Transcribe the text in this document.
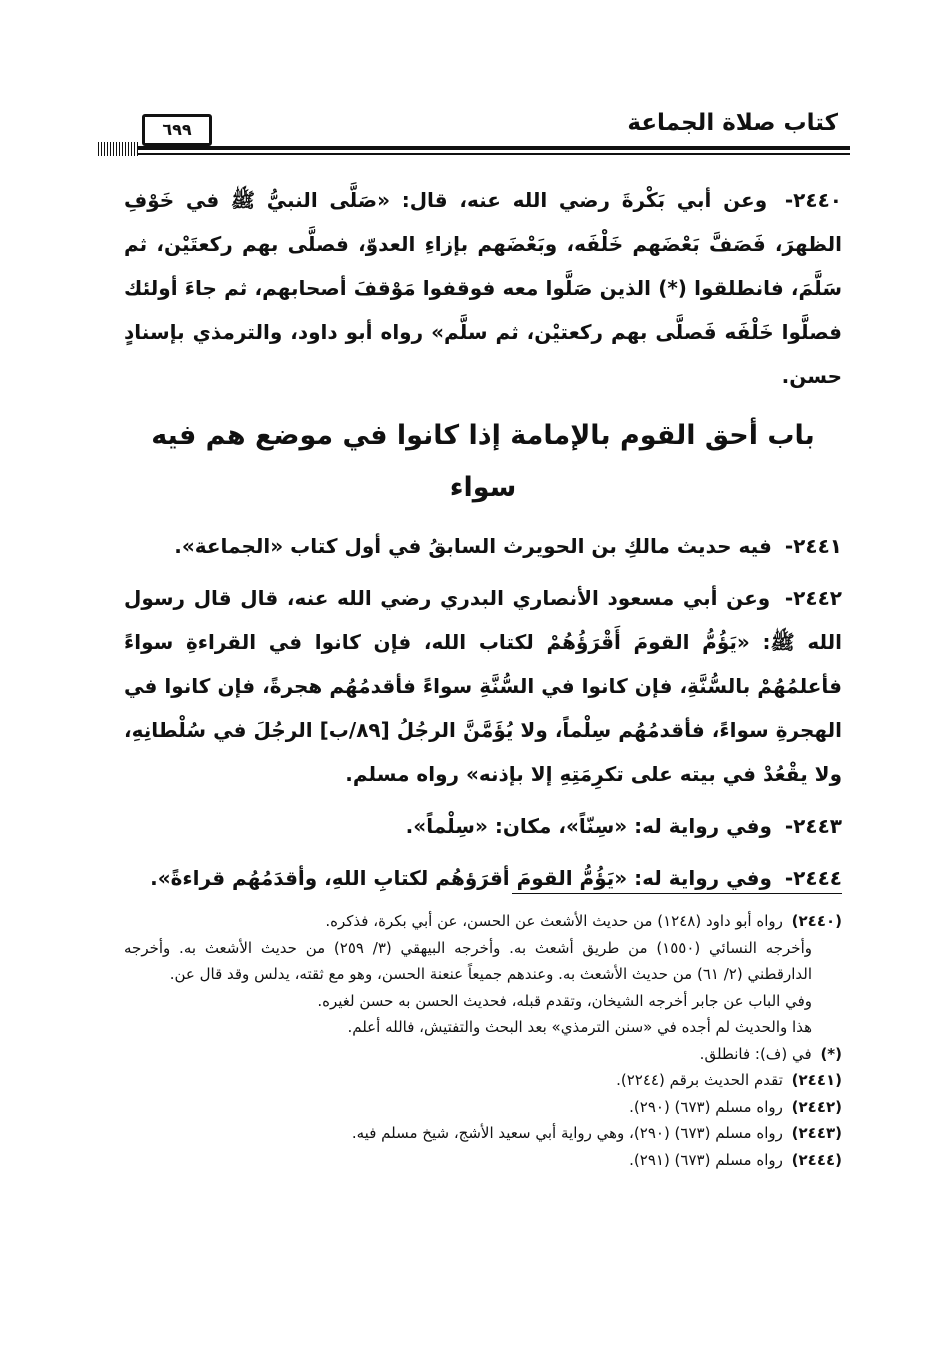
كتاب صلاة الجماعة
٦٩٩

٢٤٤٠- وعن أبي بَكْرةَ رضي الله عنه، قال: «صَلَّى النبيُّ ﷺ في خَوْفِ الظهرَ، فَصَفَّ بَعْضَهم خَلْفَه، وبَعْضَهم بإزاءِ العدوّ، فصلَّى بهم ركعتَيْن، ثم سَلَّمَ، فانطلقوا (*) الذين صَلَّوا معه فوقفوا مَوْقفَ أصحابهم، ثم جاءَ أولئك فصلَّوا خَلْفَه فَصلَّى بهم ركعتيْن، ثم سلَّم» رواه أبو داود، والترمذي بإسنادٍ حسن.

باب أحق القوم بالإمامة إذا كانوا في موضع هم فيه سواء

٢٤٤١- فيه حديث مالكِ بن الحويرث السابقُ في أول كتاب «الجماعة».

٢٤٤٢- وعن أبي مسعود الأنصاري البدري رضي الله عنه، قال قال رسول الله ﷺ: «يَؤُمُّ القومَ أَقْرَؤُهُمْ لكتاب الله، فإن كانوا في القراءةِ سواءً فأعلمُهُمْ بالسُّنَّةِ، فإن كانوا في السُّنَّةِ سواءً فأقدمُهُم هجرةً، فإن كانوا في الهجرةِ سواءً، فأقدمُهُم سِلْماً، ولا يُؤَمَّنَّ الرجُلُ [٨٩/ب] الرجُلَ في سُلْطانِهِ، ولا يقْعُدْ في بيته على تكرِمَتِهِ إلا بإذنه» رواه مسلم.

٢٤٤٣- وفي رواية له: «سِنّاً»، مكان: «سِلْماً».

٢٤٤٤- وفي رواية له: «يَؤُمُّ القومَ أقرَؤهُم لكتابِ اللهِ، وأقدَمُهُم قراءةً».

(٢٤٤٠) رواه أبو داود (١٢٤٨) من حديث الأشعث عن الحسن، عن أبي بكرة، فذكره.

وأخرجه النسائي (١٥٥٠) من طريق أشعث به. وأخرجه البيهقي (٣/ ٢٥٩) من حديث الأشعث به. وأخرجه الدارقطني (٢/ ٦١) من حديث الأشعث به. وعندهم جميعاً عنعنة الحسن، وهو مع ثقته، يدلس وقد قال عن.

وفي الباب عن جابر أخرجه الشيخان، وتقدم قبله، فحديث الحسن به حسن لغيره.

هذا والحديث لم أجده في «سنن الترمذي» بعد البحث والتفتيش، فالله أعلم.

(*) في (ف): فانطلق.

(٢٤٤١) تقدم الحديث برقم (٢٢٤٤).

(٢٤٤٢) رواه مسلم (٦٧٣) (٢٩٠).

(٢٤٤٣) رواه مسلم (٦٧٣) (٢٩٠)، وهي رواية أبي سعيد الأشج، شيخ مسلم فيه.

(٢٤٤٤) رواه مسلم (٦٧٣) (٢٩١).
